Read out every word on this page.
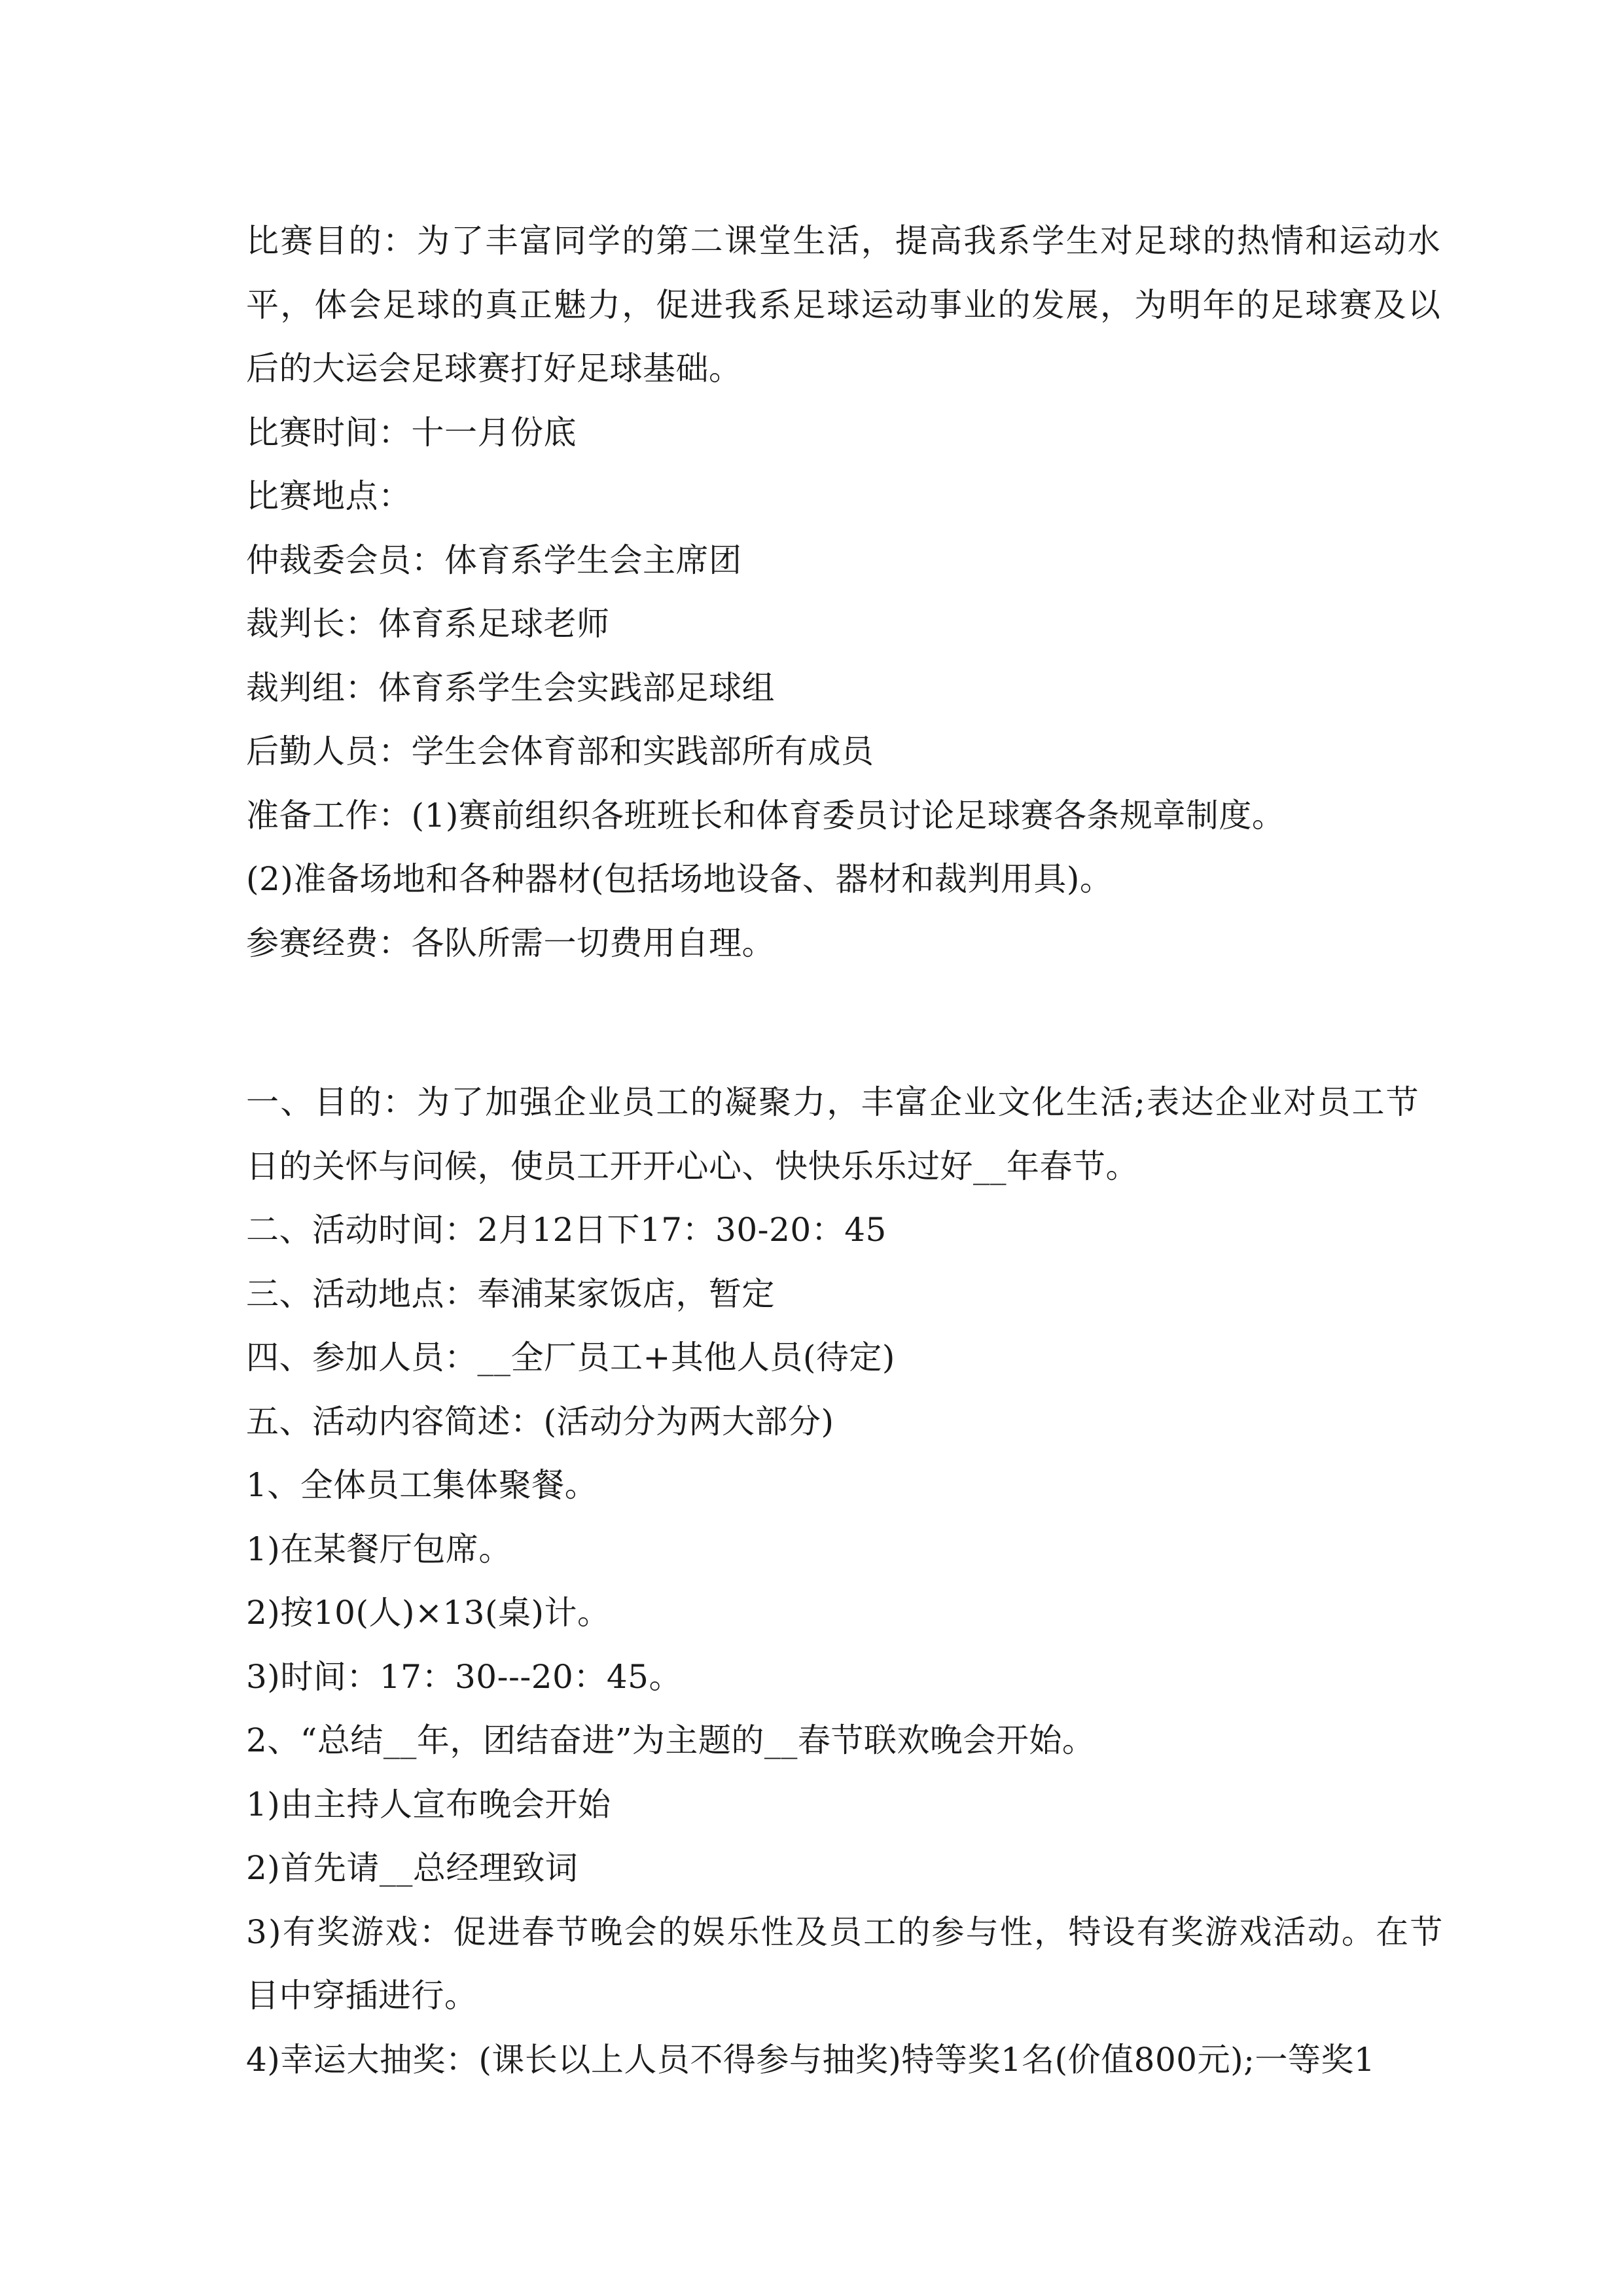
比赛目的：为了丰富同学的第二课堂生活，提高我系学生对足球的热情和运动水

平，体会足球的真正魅力，促进我系足球运动事业的发展，为明年的足球赛及以

后的大运会足球赛打好足球基础。

比赛时间：十一月份底

比赛地点：

仲裁委会员：体育系学生会主席团

裁判长：体育系足球老师

裁判组：体育系学生会实践部足球组

后勤人员：学生会体育部和实践部所有成员

准备工作：(1)赛前组织各班班长和体育委员讨论足球赛各条规章制度。

(2)准备场地和各种器材(包括场地设备、器材和裁判用具)。

参赛经费：各队所需一切费用自理。

一、目的：为了加强企业员工的凝聚力，丰富企业文化生活;表达企业对员工节

日的关怀与问候，使员工开开心心、快快乐乐过好__年春节。

二、活动时间：2月12日下17：30-20：45

三、活动地点：奉浦某家饭店，暂定

四、参加人员：__全厂员工+其他人员(待定)

五、活动内容简述：(活动分为两大部分)

1、全体员工集体聚餐。

1)在某餐厅包席。

2)按10(人)×13(桌)计。

3)时间：17：30---20：45。

2、“总结__年，团结奋进”为主题的__春节联欢晚会开始。

1)由主持人宣布晚会开始

2)首先请__总经理致词

3)有奖游戏：促进春节晚会的娱乐性及员工的参与性，特设有奖游戏活动。在节

目中穿插进行。

4)幸运大抽奖：(课长以上人员不得参与抽奖)特等奖1名(价值800元);一等奖1
